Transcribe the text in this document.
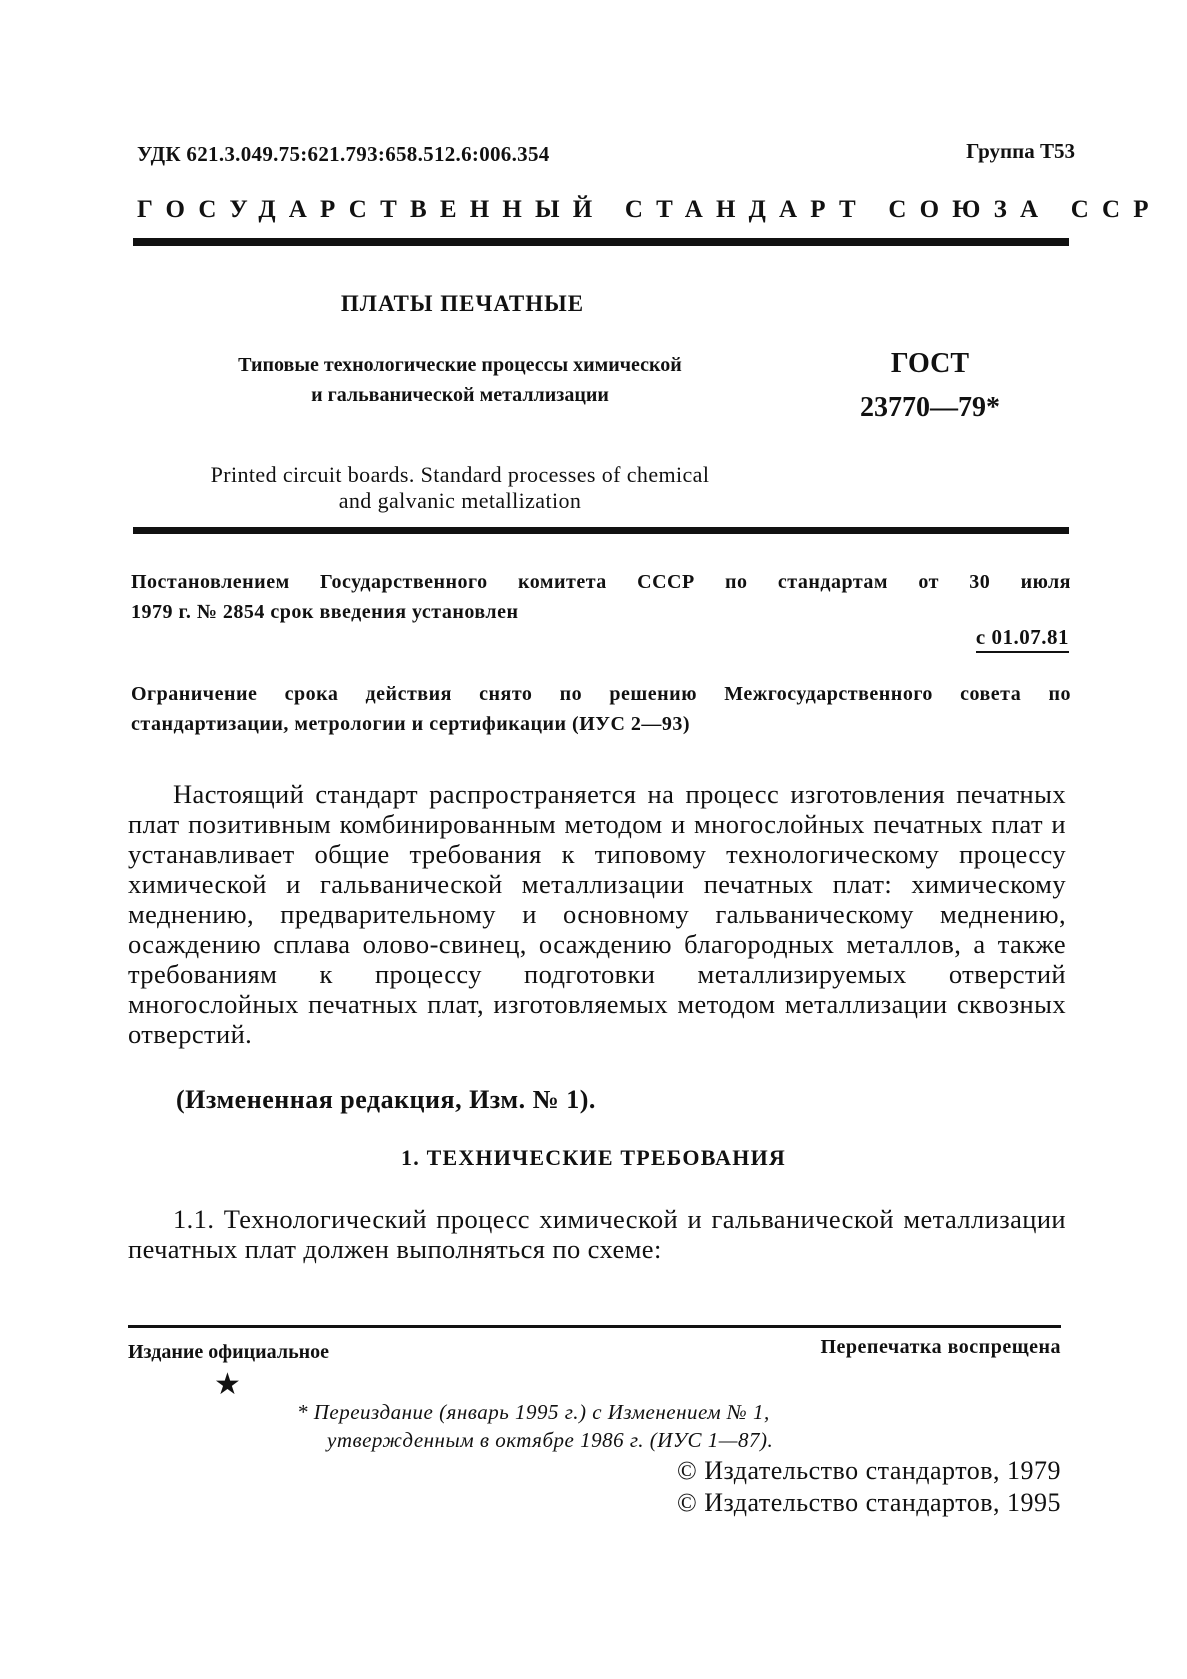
УДК 621.3.049.75:621.793:658.512.6:006.354	Группа Т53
ГОСУДАРСТВЕННЫЙ СТАНДАРТ СОЮЗА ССР
ПЛАТЫ ПЕЧАТНЫЕ
Типовые технологические процессы химической
и гальванической металлизации
ГОСТ
23770—79*
Printed circuit boards. Standard processes of chemical
and galvanic metallization
Постановлением Государственного комитета СССР по стандартам от 30 июля
1979 г. № 2854 срок введения установлен
с 01.07.81
Ограничение срока действия снято по решению Межгосударственного совета по
стандартизации, метрологии и сертификации (ИУС 2—93)

Настоящий стандарт распространяется на процесс изготовления печатных плат позитивным комбинированным методом и многослойных печатных плат и устанавливает общие требования к типовому технологическому процессу химической и гальванической металлизации печатных плат: химическому меднению, предварительному и основному гальваническому меднению, осаждению сплава олово-свинец, осаждению благородных металлов, а также требованиям к процессу подготовки металлизируемых отверстий многослойных печатных плат, изготовляемых методом металлизации сквозных отверстий.

(Измененная редакция, Изм. № 1).
1. ТЕХНИЧЕСКИЕ ТРЕБОВАНИЯ

1.1. Технологический процесс химической и гальванической металлизации печатных плат должен выполняться по схеме:

Издание официальное	Перепечатка воспрещена
★
* Переиздание (январь 1995 г.) с Изменением № 1,
утвержденным в октябре 1986 г. (ИУС 1—87).
© Издательство стандартов, 1979
© Издательство стандартов, 1995
